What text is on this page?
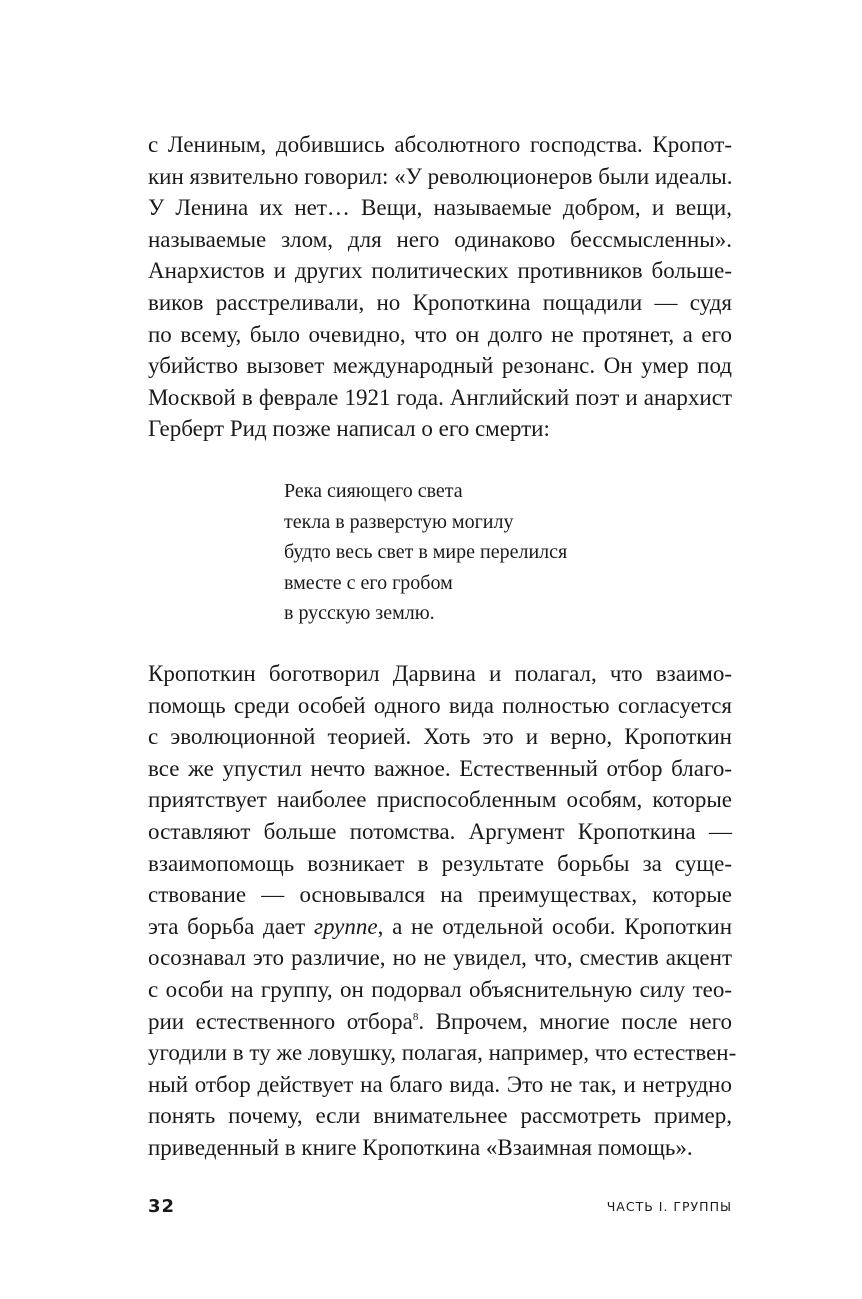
с Лениным, добившись абсолютного господства. Кропот-
кин язвительно говорил: «У революционеров были идеалы.
У Ленина их нет… Вещи, называемые добром, и вещи,
называемые злом, для него одинаково бессмысленны».
Анархистов и других политических противников больше-
виков расстреливали, но Кропоткина пощадили — судя
по всему, было очевидно, что он долго не протянет, а его
убийство вызовет международный резонанс. Он умер под
Москвой в феврале 1921 года. Английский поэт и анархист
Герберт Рид позже написал о его смерти:
Река сияющего света
текла в разверстую могилу
будто весь свет в мире перелился
вместе с его гробом
в русскую землю.
Кропоткин боготворил Дарвина и полагал, что взаимо-
помощь среди особей одного вида полностью согласуется
с эволюционной теорией. Хоть это и верно, Кропоткин
все же упустил нечто важное. Естественный отбор благо-
приятствует наиболее приспособленным особям, которые
оставляют больше потомства. Аргумент Кропоткина —
взаимопомощь возникает в результате борьбы за суще-
ствование — основывался на преимуществах, которые
эта борьба дает группе, а не отдельной особи. Кропоткин
осознавал это различие, но не увидел, что, сместив акцент
с особи на группу, он подорвал объяснительную силу тео-
рии естественного отбора$^8$. Впрочем, многие после него
угодили в ту же ловушку, полагая, например, что естествен-
ный отбор действует на благо вида. Это не так, и нетрудно
понять почему, если внимательнее рассмотреть пример,
приведенный в книге Кропоткина «Взаимная помощь».
32	ЧАСТЬ I. ГРУППЫ
